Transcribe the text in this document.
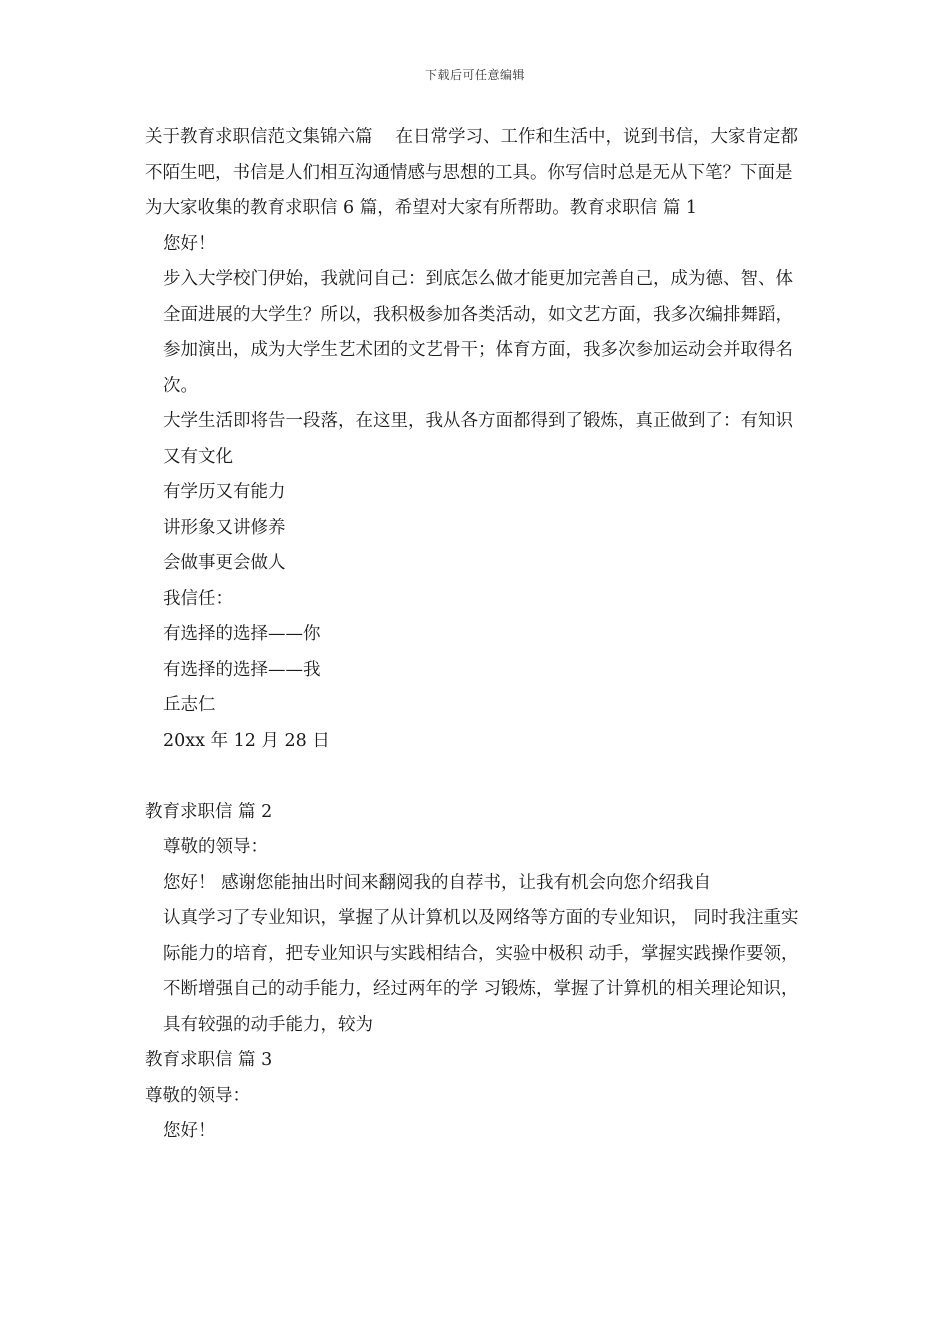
下载后可任意编辑

关于教育求职信范文集锦六篇　 在日常学习、工作和生活中，说到书信，大家肯定都不陌生吧，书信是人们相互沟通情感与思想的工具。你写信时总是无从下笔？下面是为大家收集的教育求职信 6 篇，希望对大家有所帮助。教育求职信 篇 1

您好！

步入大学校门伊始，我就问自己：到底怎么做才能更加完善自己，成为德、智、体全面进展的大学生？所以，我积极参加各类活动，如文艺方面，我多次编排舞蹈，参加演出，成为大学生艺术团的文艺骨干；体育方面，我多次参加运动会并取得名次。

大学生活即将告一段落，在这里，我从各方面都得到了锻炼，真正做到了：有知识又有文化

有学历又有能力

讲形象又讲修养

会做事更会做人

我信任：

有选择的选择——你

有选择的选择——我

丘志仁

20xx 年 12 月 28 日

教育求职信 篇 2

尊敬的领导：

您好！ 感谢您能抽出时间来翻阅我的自荐书，让我有机会向您介绍我自

认真学习了专业知识，掌握了从计算机以及网络等方面的专业知识， 同时我注重实际能力的培育，把专业知识与实践相结合，实验中极积 动手，掌握实践操作要领，不断增强自己的动手能力，经过两年的学 习锻炼，掌握了计算机的相关理论知识，具有较强的动手能力，较为

教育求职信 篇 3

尊敬的领导：

您好！
